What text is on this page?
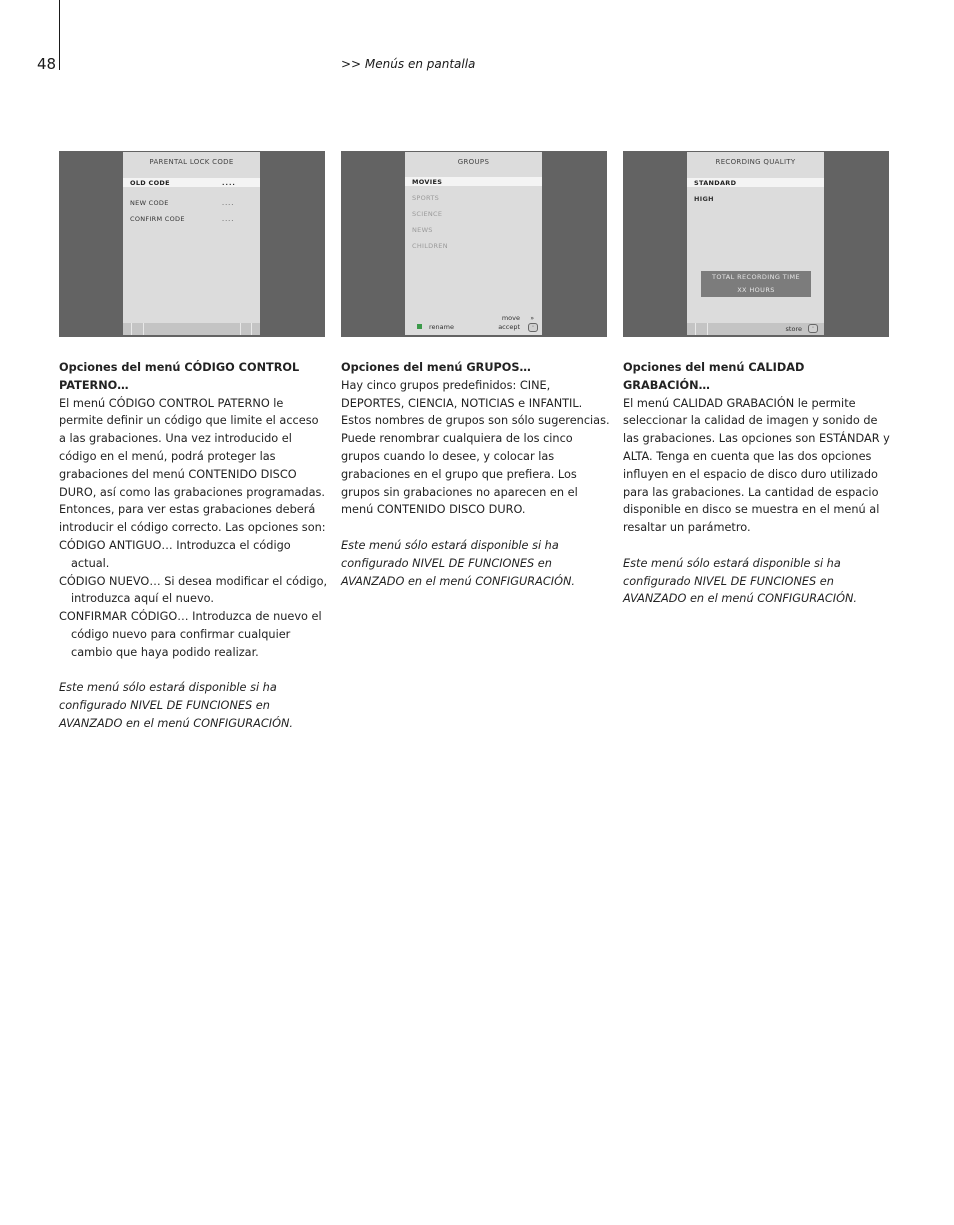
48	>> Menús en pantalla
PARENTAL LOCK CODE
OLD CODE	....
NEW CODE	....
CONFIRM CODE	....
GROUPS
MOVIES
SPORTS
SCIENCE
NEWS
CHILDREN
rename
move
accept
»
◦
RECORDING QUALITY
STANDARD
HIGH
TOTAL RECORDING TIME
XX HOURS
store	◦

Opciones del menú CÓDIGO CONTROL PATERNO…

El menú CÓDIGO CONTROL PATERNO le permite definir un código que limite el acceso a las grabaciones. Una vez introducido el código en el menú, podrá proteger las grabaciones del menú CONTENIDO DISCO DURO, así como las grabaciones programadas. Entonces, para ver estas grabaciones deberá introducir el código correcto. Las opciones son:

CÓDIGO ANTIGUO… Introduzca el código actual.

CÓDIGO NUEVO… Si desea modificar el código, introduzca aquí el nuevo.

CONFIRMAR CÓDIGO… Introduzca de nuevo el código nuevo para confirmar cualquier cambio que haya podido realizar.

Este menú sólo estará disponible si ha configurado NIVEL DE FUNCIONES en AVANZADO en el menú CONFIGURACIÓN.

Opciones del menú GRUPOS…

Hay cinco grupos predefinidos: CINE, DEPORTES, CIENCIA, NOTICIAS e INFANTIL. Estos nombres de grupos son sólo sugerencias. Puede renombrar cualquiera de los cinco grupos cuando lo desee, y colocar las grabaciones en el grupo que prefiera. Los grupos sin grabaciones no aparecen en el menú CONTENIDO DISCO DURO.

Este menú sólo estará disponible si ha configurado NIVEL DE FUNCIONES en AVANZADO en el menú CONFIGURACIÓN.

Opciones del menú CALIDAD GRABACIÓN…

El menú CALIDAD GRABACIÓN le permite seleccionar la calidad de imagen y sonido de las grabaciones. Las opciones son ESTÁNDAR y ALTA. Tenga en cuenta que las dos opciones influyen en el espacio de disco duro utilizado para las grabaciones. La cantidad de espacio disponible en disco se muestra en el menú al resaltar un parámetro.

Este menú sólo estará disponible si ha configurado NIVEL DE FUNCIONES en AVANZADO en el menú CONFIGURACIÓN.
